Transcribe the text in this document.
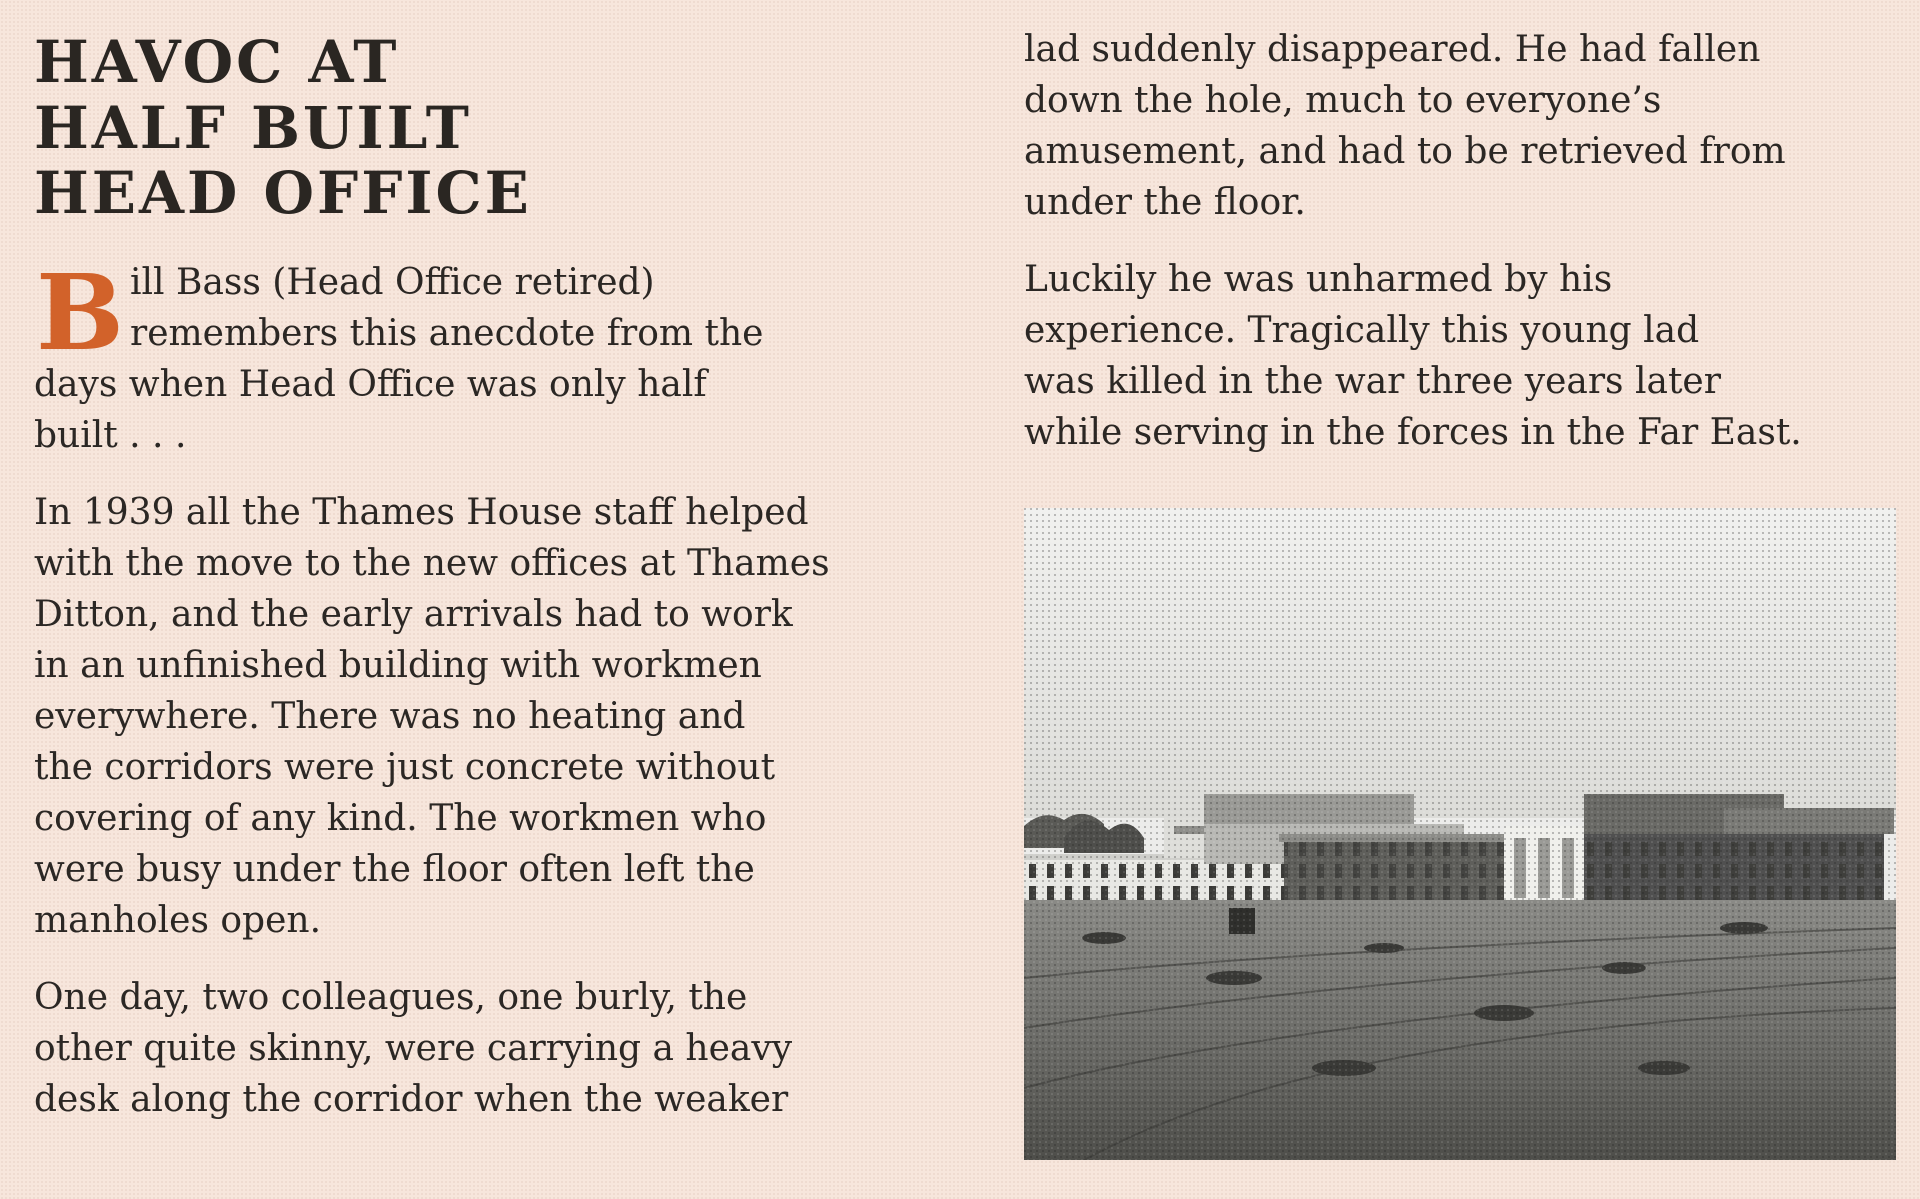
HAVOC AT
HALF BUILT
HEAD OFFICE

B ill Bass (Head Office retired)
remembers this anecdote from the
days when Head Office was only half
built . . .

In 1939 all the Thames House staff helped
with the move to the new offices at Thames
Ditton, and the early arrivals had to work
in an unfinished building with workmen
everywhere. There was no heating and
the corridors were just concrete without
covering of any kind. The workmen who
were busy under the floor often left the
manholes open.

One day, two colleagues, one burly, the
other quite skinny, were carrying a heavy
desk along the corridor when the weaker

lad suddenly disappeared. He had fallen
down the hole, much to everyone’s
amusement, and had to be retrieved from
under the floor.

Luckily he was unharmed by his
experience. Tragically this young lad
was killed in the war three years later
while serving in the forces in the Far East.
